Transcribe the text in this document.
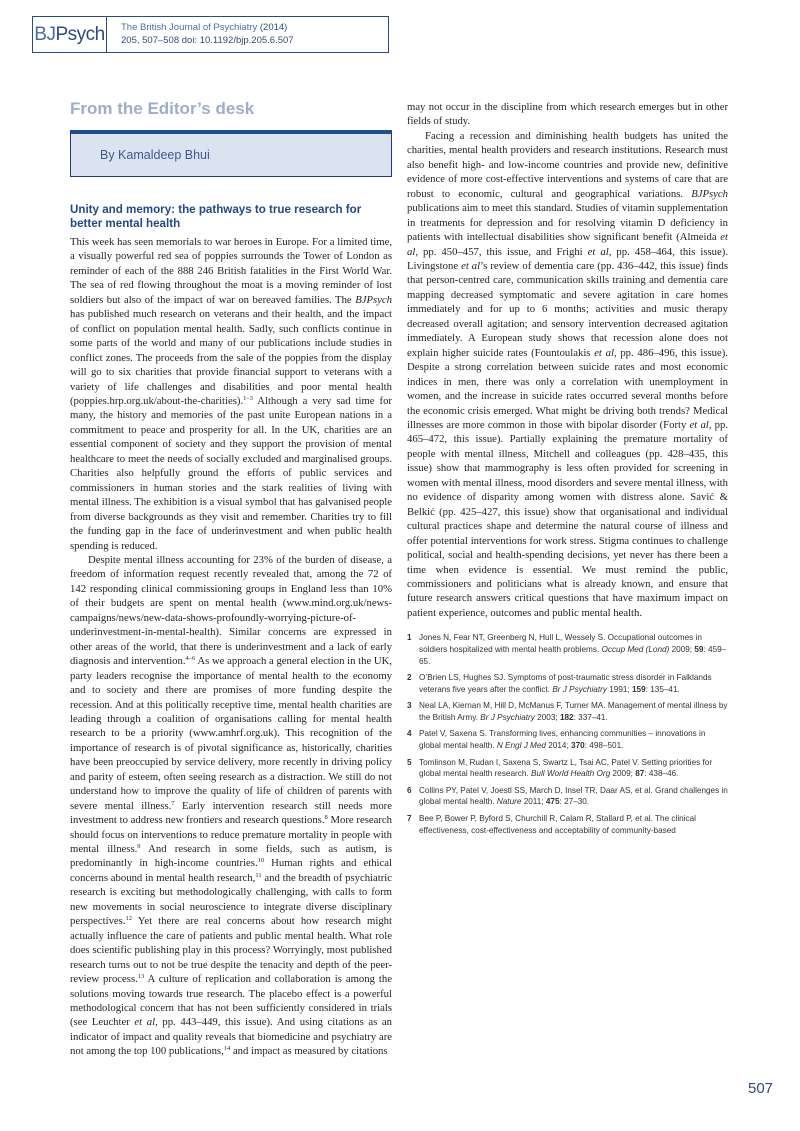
BJ Psych The British Journal of Psychiatry (2014)
205, 507–508 doi: 10.1192/bjp.205.6.507
From the Editor’s desk
By Kamaldeep Bhui
Unity and memory: the pathways to true research for better mental health

This week has seen memorials to war heroes in Europe. For a limited time, a visually powerful red sea of poppies surrounds the Tower of London as reminder of each of the 888 246 British fatalities in the First World War. The sea of red flowing throughout the moat is a moving reminder of lost soldiers but also of the impact of war on bereaved families. The BJPsych has published much research on veterans and their health, and the impact of conflict on population mental health. Sadly, such conflicts continue in some parts of the world and many of our publications include studies in conflict zones. The proceeds from the sale of the poppies from the display will go to six charities that provide financial support to veterans with a variety of life challenges and disabilities and poor mental health (poppies.hrp.org.uk/about-the-charities).$^{1-3}$ Although a very sad time for many, the history and memories of the past unite European nations in a commitment to peace and prosperity for all. In the UK, charities are an essential component of society and they support the provision of mental healthcare to meet the needs of socially excluded and marginalised groups. Charities also helpfully ground the efforts of public services and commissioners in human stories and the stark realities of living with mental illness. The exhibition is a visual symbol that has galvanised people from diverse backgrounds as they visit and remember. Charities try to fill the funding gap in the face of underinvestment and when public health spending is reduced.

Despite mental illness accounting for 23% of the burden of disease, a freedom of information request recently revealed that, among the 72 of 142 responding clinical commissioning groups in England less than 10% of their budgets are spent on mental health (www.mind.org.uk/news-campaigns/news/new-data-shows-profoundly-worrying-picture-of-underinvestment-in-mental-health). Similar concerns are expressed in other areas of the world, that there is underinvestment and a lack of early diagnosis and intervention.$^{4-6}$ As we approach a general election in the UK, party leaders recognise the importance of mental health to the economy and to society and there are promises of more funding despite the recession. And at this politically receptive time, mental health charities are leading through a coalition of organisations calling for mental health research to be a priority (www.amhrf.org.uk). This recognition of the importance of research is of pivotal significance as, historically, charities have been preoccupied by service delivery, more recently in driving policy and parity of esteem, often seeing research as a distraction. We still do not understand how to improve the quality of life of children of parents with severe mental illness.$^7$ Early intervention research still needs more investment to address new frontiers and research questions.$^8$ More research should focus on interventions to reduce premature mortality in people with mental illness.$^9$ And research in some fields, such as autism, is predominantly in high-income countries.$^{10}$ Human rights and ethical concerns abound in mental health research,$^{11}$ and the breadth of psychiatric research is exciting but methodologically challenging, with calls to form new movements in social neuroscience to integrate diverse disciplinary perspectives.$^{12}$ Yet there are real concerns about how research might actually influence the care of patients and public mental health. What role does scientific publishing play in this process? Worryingly, most published research turns out to not be true despite the tenacity and depth of the peer-review process.$^{13}$ A culture of replication and collaboration is among the solutions moving towards true research. The placebo effect is a powerful methodological concern that has not been sufficiently considered in trials (see Leuchter et al, pp. 443–449, this issue). And using citations as an indicator of impact and quality reveals that biomedicine and psychiatry are not among the top 100 publications,$^{14}$ and impact as measured by citations

may not occur in the discipline from which research emerges but in other fields of study.

Facing a recession and diminishing health budgets has united the charities, mental health providers and research institutions. Research must also benefit high- and low-income countries and provide new, definitive evidence of more cost-effective interventions and systems of care that are robust to economic, cultural and geographical variations. BJPsych publications aim to meet this standard. Studies of vitamin supplementation in treatments for depression and for resolving vitamin D deficiency in patients with intellectual disabilities show significant benefit (Almeida et al, pp. 450–457, this issue, and Frighi et al, pp. 458–464, this issue). Livingstone et al’s review of dementia care (pp. 436–442, this issue) finds that person-centred care, communication skills training and dementia care mapping decreased symptomatic and severe agitation in care homes immediately and for up to 6 months; activities and music therapy decreased overall agitation; and sensory intervention decreased agitation immediately. A European study shows that recession alone does not explain higher suicide rates (Fountoulakis et al, pp. 486–496, this issue). Despite a strong correlation between suicide rates and most economic indices in men, there was only a correlation with unemployment in women, and the increase in suicide rates occurred several months before the economic crisis emerged. What might be driving both trends? Medical illnesses are more common in those with bipolar disorder (Forty et al, pp. 465–472, this issue). Partially explaining the premature mortality of people with mental illness, Mitchell and colleagues (pp. 428–435, this issue) show that mammography is less often provided for screening in women with mental illness, mood disorders and severe mental illness, with no evidence of disparity among women with distress alone. Savić & Belkić (pp. 425–427, this issue) show that organisational and individual cultural practices shape and determine the natural course of illness and offer potential interventions for work stress. Stigma continues to challenge political, social and health-spending decisions, yet never has there been a time when evidence is essential. We must remind the public, commissioners and politicians what is already known, and ensure that future research answers critical questions that have maximum impact on patient experience, outcomes and public mental health.

1 Jones N, Fear NT, Greenberg N, Hull L, Wessely S. Occupational outcomes in soldiers hospitalized with mental health problems. Occup Med (Lond) 2009; 59: 459–65.
2 O’Brien LS, Hughes SJ. Symptoms of post-traumatic stress disorder in Falklands veterans five years after the conflict. Br J Psychiatry 1991; 159: 135–41.
3 Neal LA, Kiernan M, Hill D, McManus F, Turner MA. Management of mental illness by the British Army. Br J Psychiatry 2003; 182: 337–41.
4 Patel V, Saxena S. Transforming lives, enhancing communities – innovations in global mental health. N Engl J Med 2014; 370: 498–501.
5 Tomlinson M, Rudan I, Saxena S, Swartz L, Tsai AC, Patel V. Setting priorities for global mental health research. Bull World Health Org 2009; 87: 438–46.
6 Collins PY, Patel V, Joestl SS, March D, Insel TR, Daar AS, et al. Grand challenges in global mental health. Nature 2011; 475: 27–30.
7 Bee P, Bower P, Byford S, Churchill R, Calam R, Stallard P, et al. The clinical effectiveness, cost-effectiveness and acceptability of community-based
507
